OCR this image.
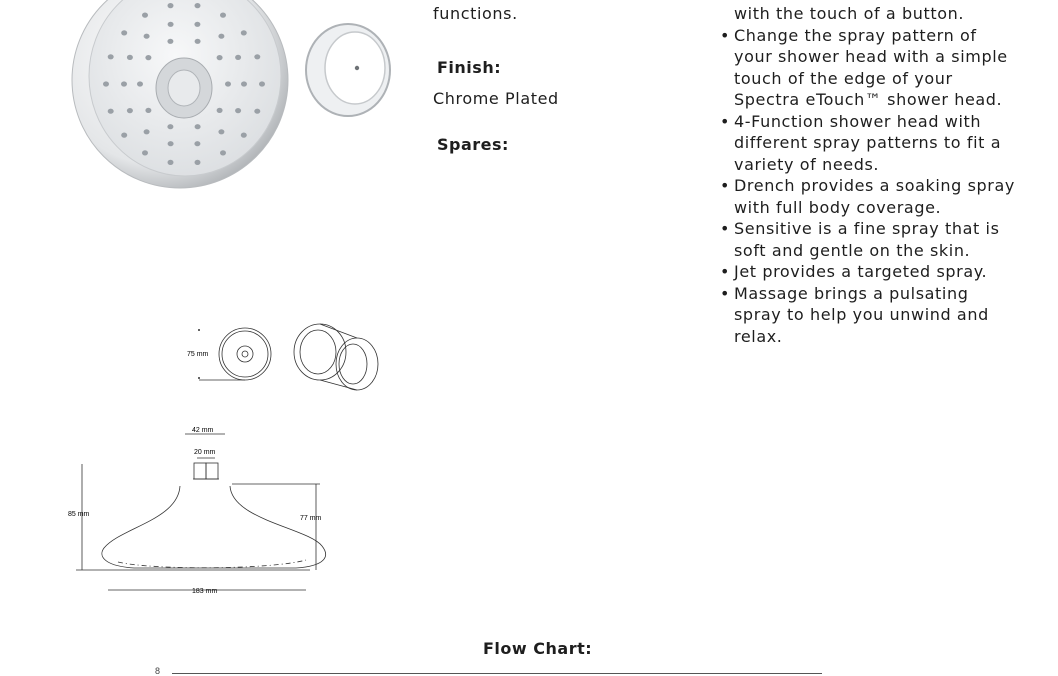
75 mm
42 mm
20 mm
85 mm
77 mm
183 mm
functions.
Finish:
Chrome Plated
Spares:
with the touch of a button.
• Change the spray pattern of
your shower head with a simple
touch of the edge of your
Spectra eTouch™ shower head.
• 4-Function shower head with
different spray patterns to fit a
variety of needs.
• Drench provides a soaking spray
with full body coverage.
• Sensitive is a fine spray that is
soft and gentle on the skin.
• Jet provides a targeted spray.
• Massage brings a pulsating
spray to help you unwind and
relax.
Flow Chart:
8
